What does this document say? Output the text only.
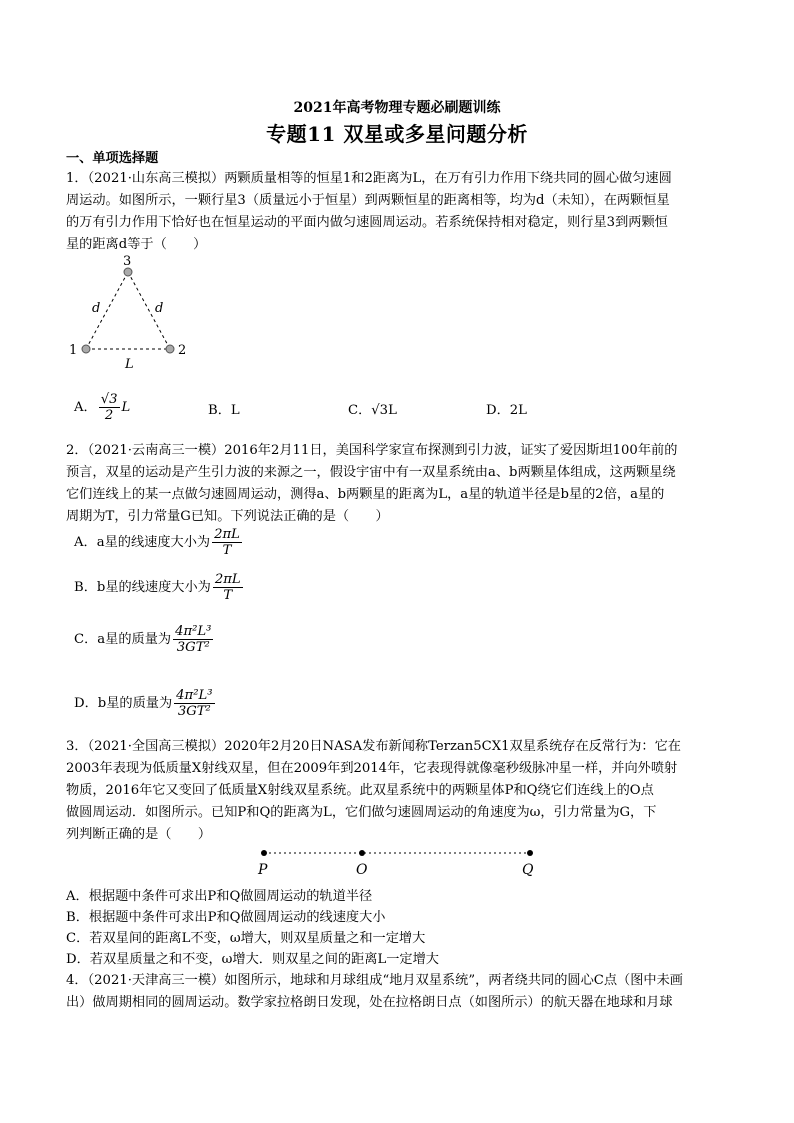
2021年高考物理专题必刷题训练
专题11 双星或多星问题分析
一、单项选择题
1．（2021·山东高三模拟）两颗质量相等的恒星1和2距离为L，在万有引力作用下绕共同的圆心做匀速圆
周运动。如图所示，一颗行星3（质量远小于恒星）到两颗恒星的距离相等，均为d（未知），在两颗恒星
的万有引力作用下恰好也在恒星运动的平面内做匀速圆周运动。若系统保持相对稳定，则行星3到两颗恒
星的距离d等于（　　）
3
1	2
d	d
L
A． $\frac{√3}{2}$ L	B．L	C．√3L	D．2L
2．（2021·云南高三一模）2016年2月11日，美国科学家宣布探测到引力波，证实了爱因斯坦100年前的
预言，双星的运动是产生引力波的来源之一，假设宇宙中有一双星系统由a、b两颗星体组成，这两颗星绕
它们连线上的某一点做匀速圆周运动，测得a、b两颗星的距离为L，a星的轨道半径是b星的2倍，a星的
周期为T，引力常量G已知。下列说法正确的是（　　）
A．a星的线速度大小为 $\frac{2\pi L}{T}$
B．b星的线速度大小为 $\frac{2\pi L}{T}$
C．a星的质量为 $\frac{\text{4π²L³}}{\text{3GT²}}$
D．b星的质量为 $\frac{\text{4π²L³}}{\text{3GT²}}$
3．（2021·全国高三模拟）2020年2月20日NASA发布新闻称Terzan5CX1双星系统存在反常行为：它在
2003年表现为低质量X射线双星，但在2009年到2014年，它表现得就像毫秒级脉冲星一样，并向外喷射
物质，2016年它又变回了低质量X射线双星系统。此双星系统中的两颗星体P和Q绕它们连线上的O点
做圆周运动．如图所示。已知P和Q的距离为L，它们做匀速圆周运动的角速度为ω，引力常量为G，下
列判断正确的是（　　）
P	O	Q
A．根据题中条件可求出P和Q做圆周运动的轨道半径
B．根据题中条件可求出P和Q做圆周运动的线速度大小
C．若双星间的距离L不变，ω增大，则双星质量之和一定增大
D．若双星质量之和不变，ω增大．则双星之间的距离L一定增大
4．（2021·天津高三一模）如图所示，地球和月球组成“地月双星系统”，两者绕共同的圆心C点（图中未画
出）做周期相同的圆周运动。数学家拉格朗日发现，处在拉格朗日点（如图所示）的航天器在地球和月球
